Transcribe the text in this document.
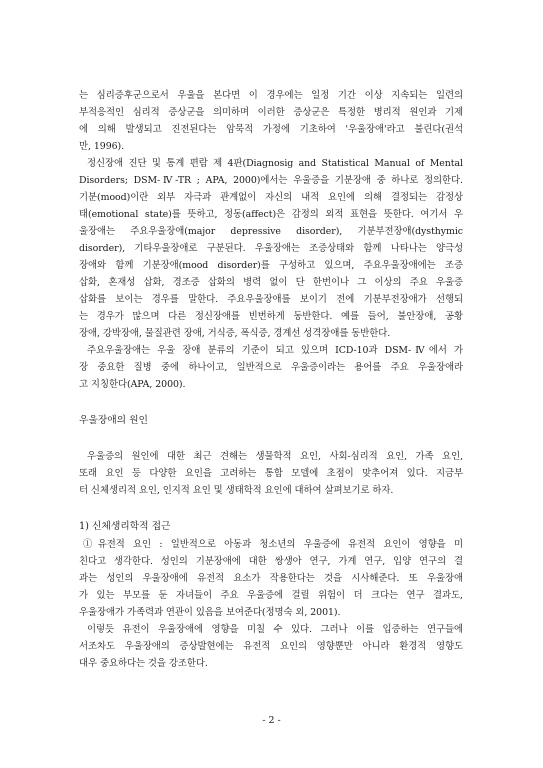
는 심리증후군으로서 우울을 본다면 이 경우에는 일정 기간 이상 지속되는 일련의
부적응적인 심리적 증상군을 의미하며 이러한 증상군은 특정한 병리적 원인과 기제
에 의해 발생되고 진전된다는 암묵적 가정에 기초하여 '우울장애'라고 불린다(권석
만, 1996).
정신장애 진단 및 통계 편람 제 4판(Diagnosig and Statistical Manual of Mental
Disorders; DSM-Ⅳ-TR ; APA, 2000)에서는 우울증을 기분장애 중 하나로 정의한다.
기분(mood)이란 외부 자극과 관계없이 자신의 내적 요인에 의해 결정되는 감정상
태(emotional state)를 뜻하고, 정동(affect)은 감정의 외적 표현을 뜻한다. 여기서 우
울장애는 주요우울장애(major depressive disorder), 기분부전장애(dysthymic
disorder), 기타우울장애로 구분된다. 우울장애는 조증상태와 함께 나타나는 양극성
장애와 함께 기분장애(mood disorder)를 구성하고 있으며, 주요우울장애에는 조증
삽화, 혼재성 삽화, 경조증 삽화의 병력 없이 단 한번이나 그 이상의 주요 우울증
삽화를 보이는 경우를 말한다. 주요우울장애를 보이기 전에 기분부전장애가 선행되
는 경우가 많으며 다른 정신장애를 빈번하게 동반한다. 예를 들어, 불안장애, 공황
장애, 강박장애, 물질관련 장애, 거식증, 폭식증, 경계선 성격장애를 동반한다.
주요우울장애는 우울 장애 분류의 기준이 되고 있으며 ICD-10과 DSM-Ⅳ에서 가
장 중요한 질병 중에 하나이고, 일반적으로 우울증이라는 용어를 주요 우울장애라
고 지칭한다(APA, 2000).
우울장애의 원인
우울증의 원인에 대한 최근 견해는 생물학적 요인, 사회-심리적 요인, 가족 요인,
또래 요인 등 다양한 요인을 고려하는 통합 모델에 초점이 맞추어져 있다. 지금부
터 신체생리적 요인, 인지적 요인 및 생태학적 요인에 대하여 살펴보기로 하자.
1) 신체생리학적 접근
①유전적 요인 : 일반적으로 아동과 청소년의 우울증에 유전적 요인이 영향을 미
친다고 생각한다. 성인의 기분장애에 대한 쌍생아 연구, 가계 연구, 입양 연구의 결
과는 성인의 우울장애에 유전적 요소가 작용한다는 것을 시사해준다. 또 우울장애
가 있는 부모를 둔 자녀들이 주요 우울증에 걸릴 위험이 더 크다는 연구 결과도,
우울장애가 가족력과 연관이 있음을 보여준다(정명숙 외, 2001).
이렇듯 유전이 우울장애에 영향을 미칠 수 있다. 그러나 이를 입증하는 연구들에
서조차도 우울장애의 증상발현에는 유전적 요인의 영향뿐만 아니라 환경적 영향도
대우 중요하다는 것을 강조한다.
- 2 -
